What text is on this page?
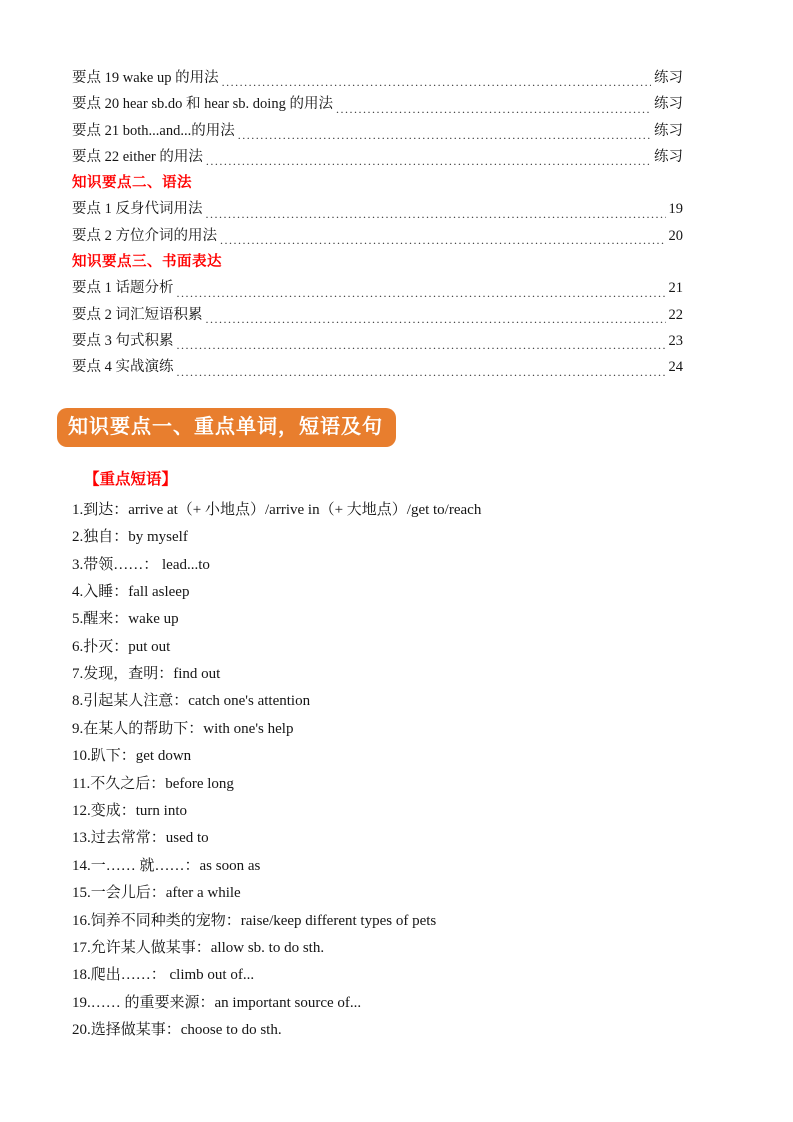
要点 19 wake up 的用法 .....	练习
要点 20 hear sb.do 和 hear sb. doing 的用法 .....	练习
要点 21 both...and...的用法 .....	练习
要点 22 either 的用法 .....	练习
知识要点二、语法
要点 1 反身代词用法 .....	19
要点 2 方位介词的用法 .....	20
知识要点三、书面表达
要点 1 话题分析 .....	21
要点 2 词汇短语积累 .....	22
要点 3 句式积累 .....	23
要点 4 实战演练 .....	24
知识要点一、重点单词，短语及句
【重点短语】
1.到达：arrive at（+ 小地点）/arrive in（+ 大地点）/get to/reach
2.独自：by myself
3.带领……： lead...to
4.入睡：fall asleep
5.醒来：wake up
6.扑灭：put out
7.发现，查明：find out
8.引起某人注意：catch one's attention
9.在某人的帮助下：with one's help
10.趴下：get down
11.不久之后：before long
12.变成：turn into
13.过去常常：used to
14.一…… 就……：as soon as
15.一会儿后：after a while
16.饲养不同种类的宠物：raise/keep different types of pets
17.允许某人做某事：allow sb. to do sth.
18.爬出……： climb out of...
19.…… 的重要来源：an important source of...
20.选择做某事：choose to do sth.
